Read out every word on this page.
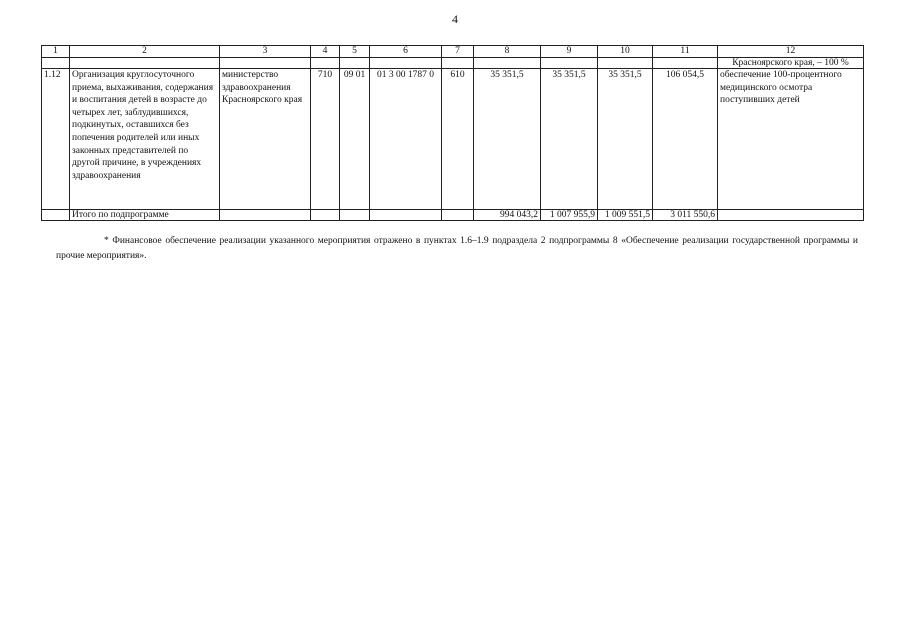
4
1	2	3	4	5	6	7	8	9	10	11	12
											Красноярского края, – 100 %
1.12	Организация круглосуточного приема, выхаживания, содержания и воспитания детей в возрасте до четырех лет, заблудившихся, подкинутых, оставшихся без попечения родителей или иных законных представителей по другой причине, в учреждениях здравоохранения	министерство здравоохранения Красноярского края	710	09 01	01 3 00 1787 0	610	35 351,5	35 351,5	35 351,5	106 054,5	обеспечение 100-процентного медицинского осмотра поступивших детей
	Итого по подпрограмме						994 043,2	1 007 955,9	1 009 551,5	3 011 550,6	
* Финансовое обеспечение реализации указанного мероприятия отражено в пунктах 1.6–1.9 подраздела 2 подпрограммы 8 «Обеспечение реализации государственной программы и прочие мероприятия».
